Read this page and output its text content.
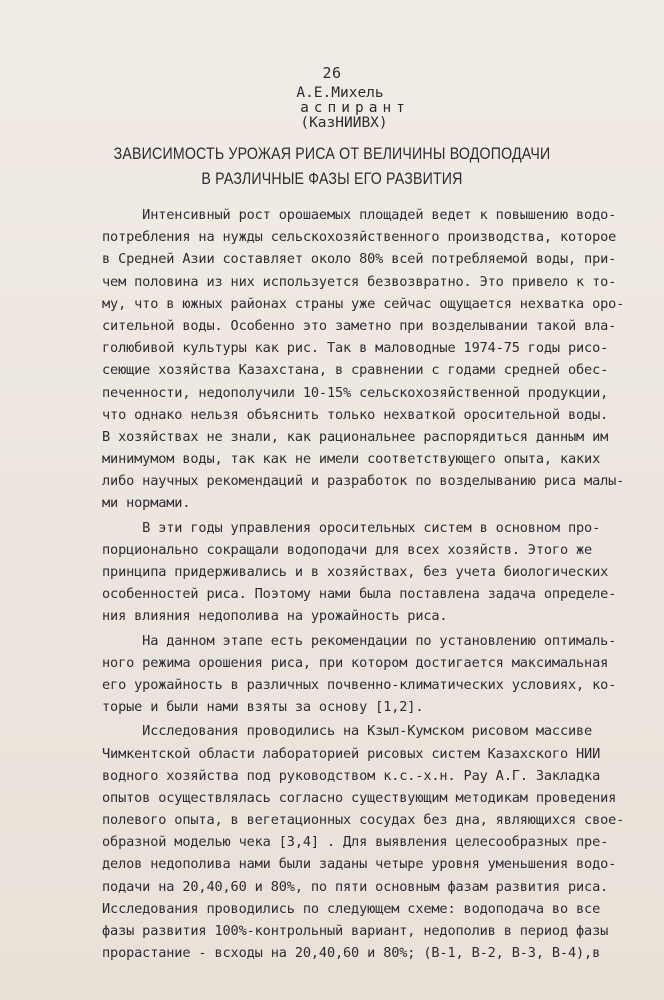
26
А.Е.Михель
аспирант
(КазНИИВХ)
ЗАВИСИМОСТЬ УРОЖАЯ РИСА ОТ ВЕЛИЧИНЫ ВОДОПОДАЧИ
В РАЗЛИЧНЫЕ ФАЗЫ ЕГО РАЗВИТИЯ
Интенсивный рост орошаемых площадей ведет к повышению водо-
потребления на нужды сельскохозяйственного производства, которое
в Средней Азии составляет около 80% всей потребляемой воды, при-
чем половина из них используется безвозвратно. Это привело к то-
му, что в южных районах страны уже сейчас ощущается нехватка оро-
сительной воды. Особенно это заметно при возделывании такой вла-
голюбивой культуры как рис. Так в маловодные 1974-75 годы рисо-
сеющие хозяйства Казахстана, в сравнении с годами средней обес-
печенности, недополучили 10-15% сельскохозяйственной продукции,
что однако нельзя объяснить только нехваткой оросительной воды.
В хозяйствах не знали, как рациональнее распорядиться данным им
минимумом воды, так как не имели соответствующего опыта, каких
либо научных рекомендаций и разработок по возделыванию риса малы-
ми нормами.
В эти годы управления оросительных систем в основном про-
порционально сокращали водоподачи для всех хозяйств. Этого же
принципа придерживались и в хозяйствах, без учета биологических
особенностей риса. Поэтому нами была поставлена задача определе-
ния влияния недополива на урожайность риса.
На данном этапе есть рекомендации по установлению оптималь-
ного режима орошения риса, при котором достигается максимальная
его урожайность в различных почвенно-климатических условиях, ко-
торые и были нами взяты за основу [1,2].
Исследования проводились на Кзыл-Кумском рисовом массиве
Чимкентской области лабораторией рисовых систем Казахского НИИ
водного хозяйства под руководством к.с.-х.н. Рау А.Г. Закладка
опытов осуществлялась согласно существующим методикам проведения
полевого опыта, в вегетационных сосудах без дна, являющихся свое-
образной моделью чека [3,4] . Для выявления целесообразных пре-
делов недополива нами были заданы четыре уровня уменьшения водо-
подачи на 20,40,60 и 80%, по пяти основным фазам развития риса.
Исследования проводились по следующем схеме: водоподача во все
фазы развития 100%-контрольный вариант, недополив в период фазы
прорастание - всходы на 20,40,60 и 80%; (В-1, В-2, В-3, В-4),в
